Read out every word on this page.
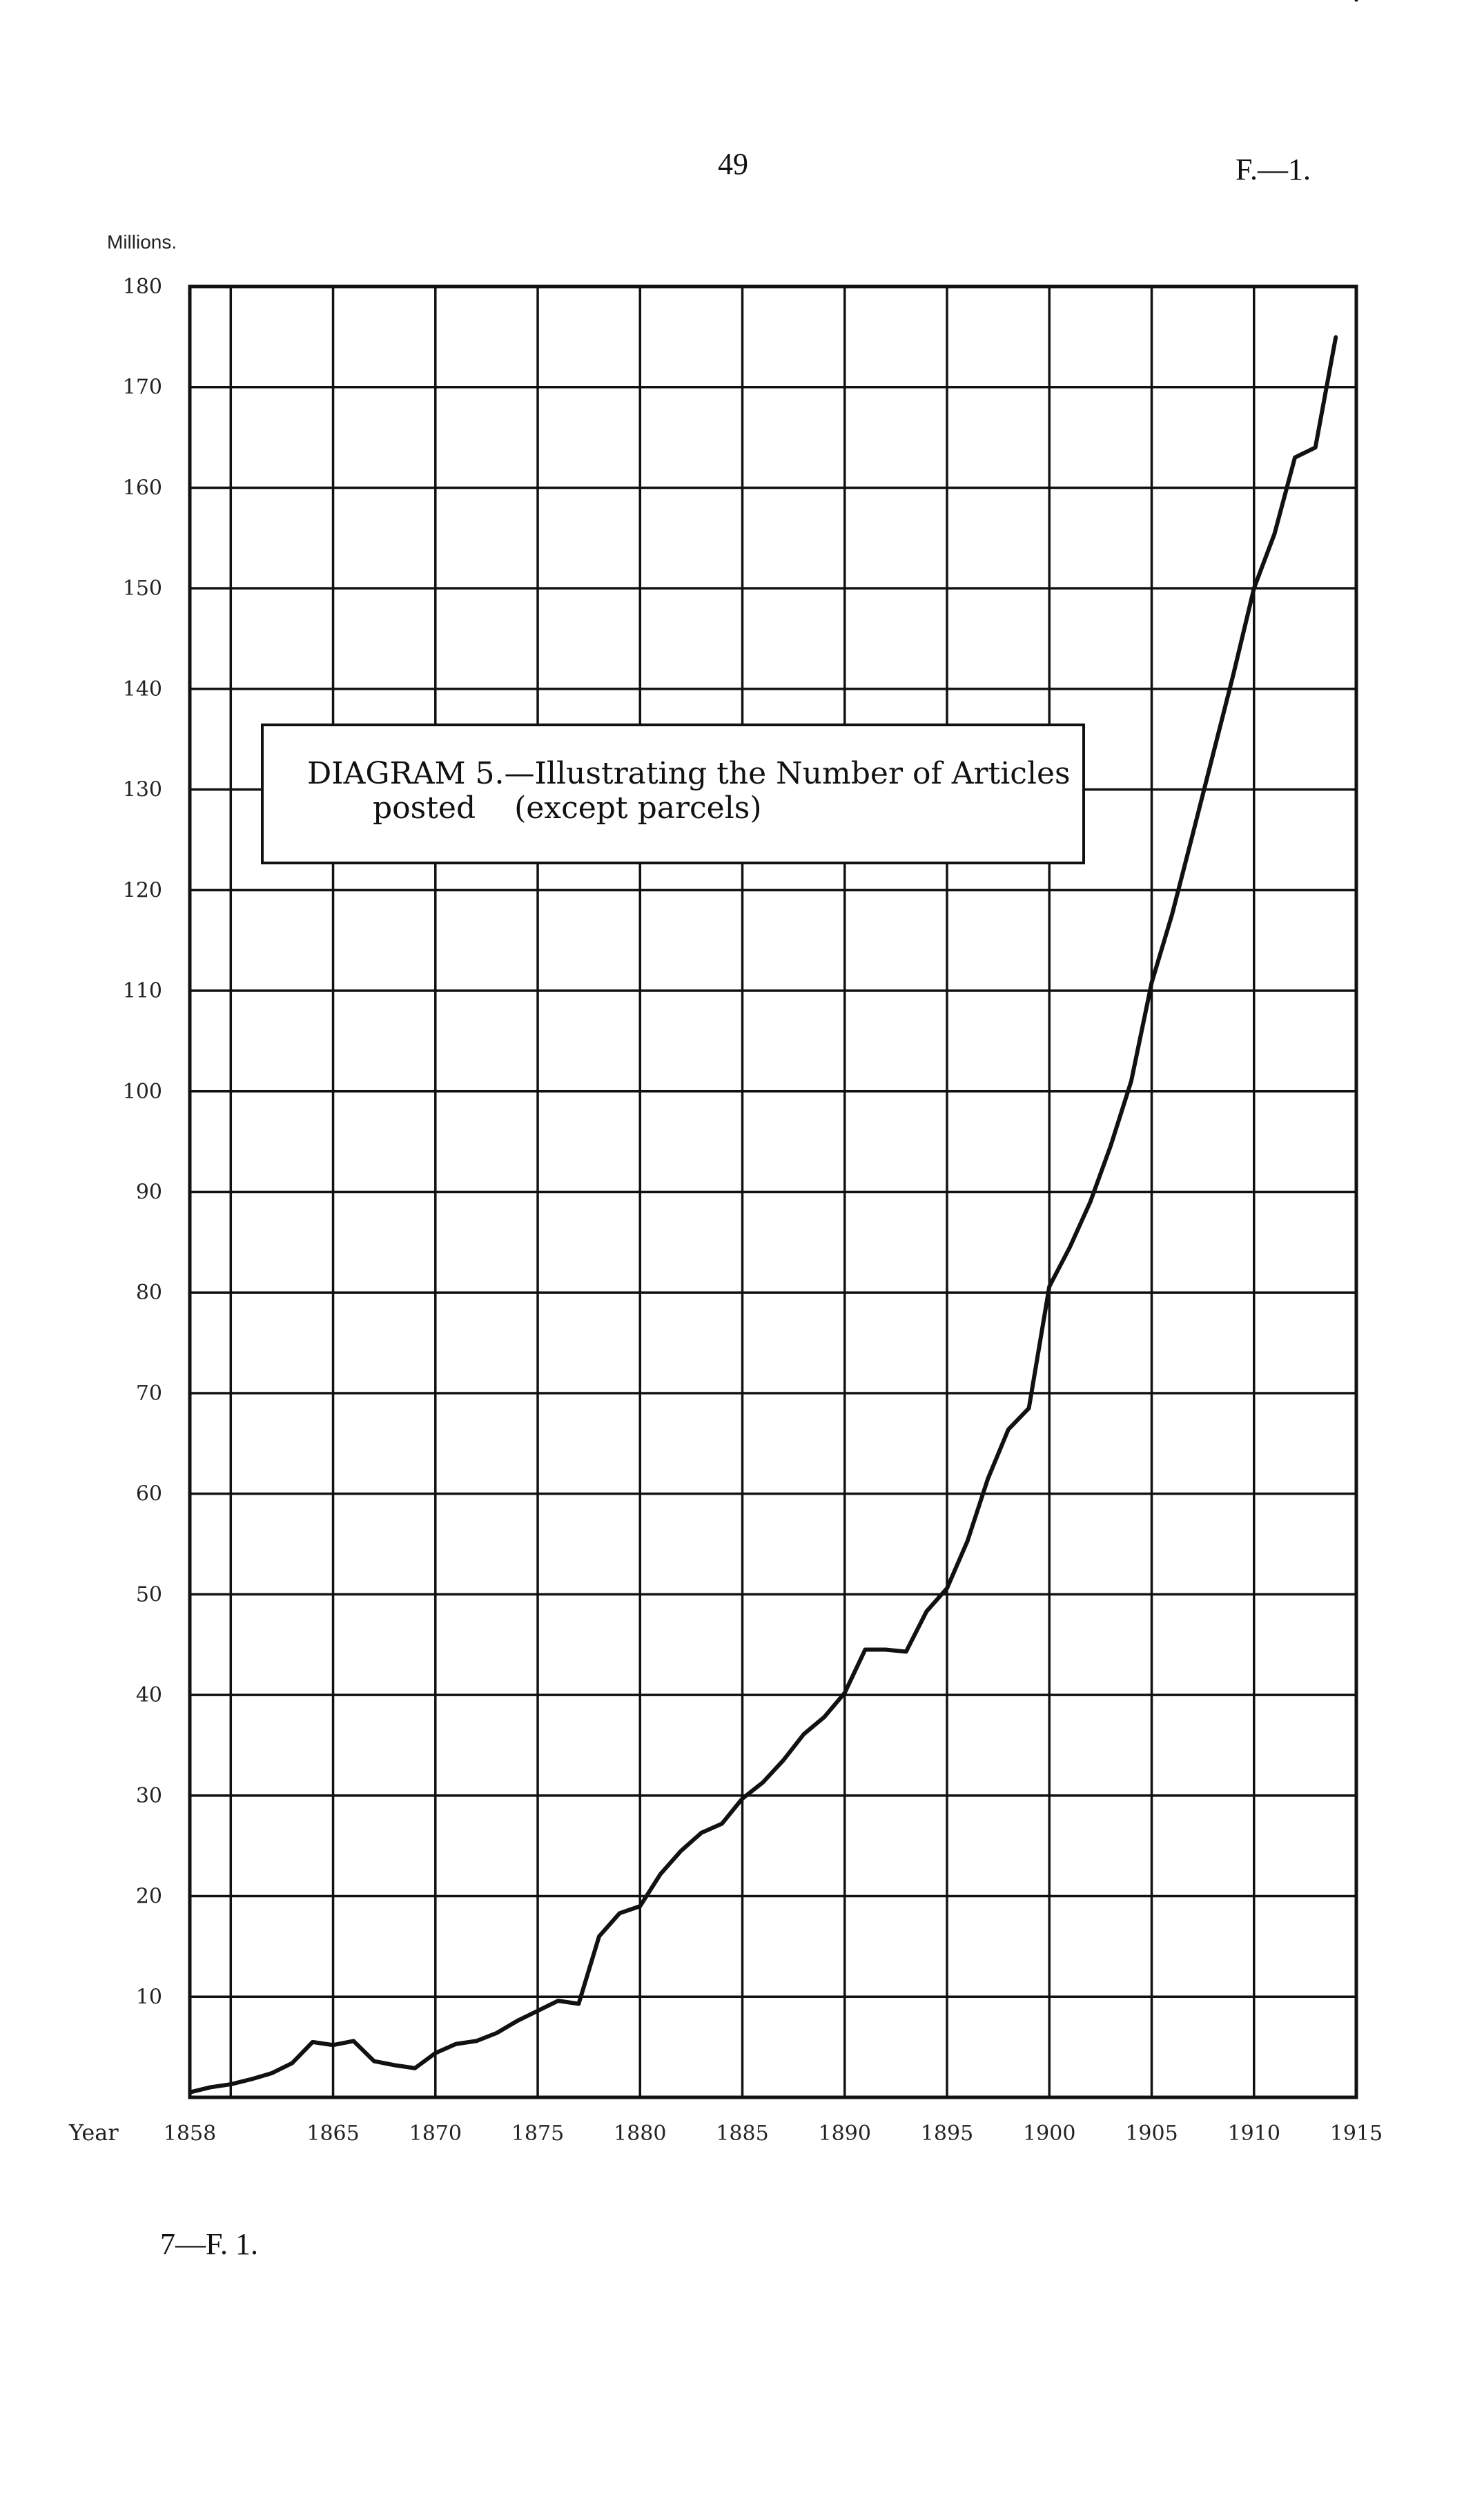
49	F.—1.
10
20
30
40
50
60
70
80
90
100
110
120
130
140
150
160
170
180
1858	1865 1870 1875 1880 1885 1890 1895 1900 1905 1910 1915
Millions.
Year
DIAGRAM 5.—Illustrating the Number of Articles
posted    (except parcels)
7—F. 1.
